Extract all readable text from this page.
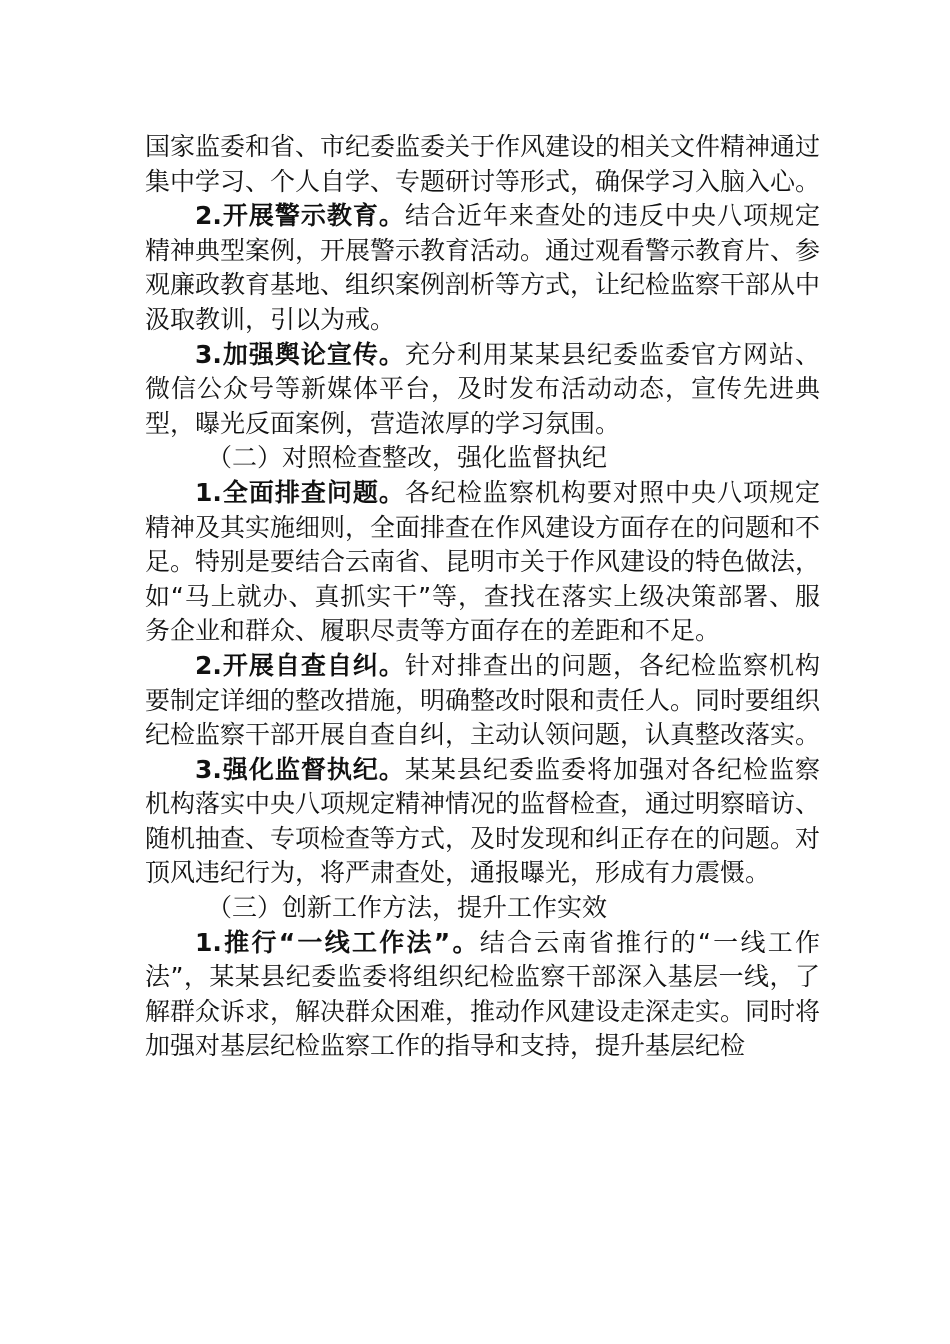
国家监委和省、市纪委监委关于作风建设的相关文件精神通过集中学习、个人自学、专题研讨等形式，确保学习入脑入心。

2.开展警示教育。结合近年来查处的违反中央八项规定精神典型案例，开展警示教育活动。通过观看警示教育片、参观廉政教育基地、组织案例剖析等方式，让纪检监察干部从中汲取教训，引以为戒。

3.加强舆论宣传。充分利用某某县纪委监委官方网站、微信公众号等新媒体平台，及时发布活动动态，宣传先进典型，曝光反面案例，营造浓厚的学习氛围。

（二）对照检查整改，强化监督执纪

1.全面排查问题。各纪检监察机构要对照中央八项规定精神及其实施细则，全面排查在作风建设方面存在的问题和不足。特别是要结合云南省、昆明市关于作风建设的特色做法，如“马上就办、真抓实干”等，查找在落实上级决策部署、服务企业和群众、履职尽责等方面存在的差距和不足。

2.开展自查自纠。针对排查出的问题，各纪检监察机构要制定详细的整改措施，明确整改时限和责任人。同时要组织纪检监察干部开展自查自纠，主动认领问题，认真整改落实。

3.强化监督执纪。某某县纪委监委将加强对各纪检监察机构落实中央八项规定精神情况的监督检查，通过明察暗访、随机抽查、专项检查等方式，及时发现和纠正存在的问题。对顶风违纪行为，将严肃查处，通报曝光，形成有力震慑。

（三）创新工作方法，提升工作实效

1.推行“一线工作法”。结合云南省推行的“一线工作法”，某某县纪委监委将组织纪检监察干部深入基层一线，了解群众诉求，解决群众困难，推动作风建设走深走实。同时将加强对基层纪检监察工作的指导和支持，提升基层纪检
